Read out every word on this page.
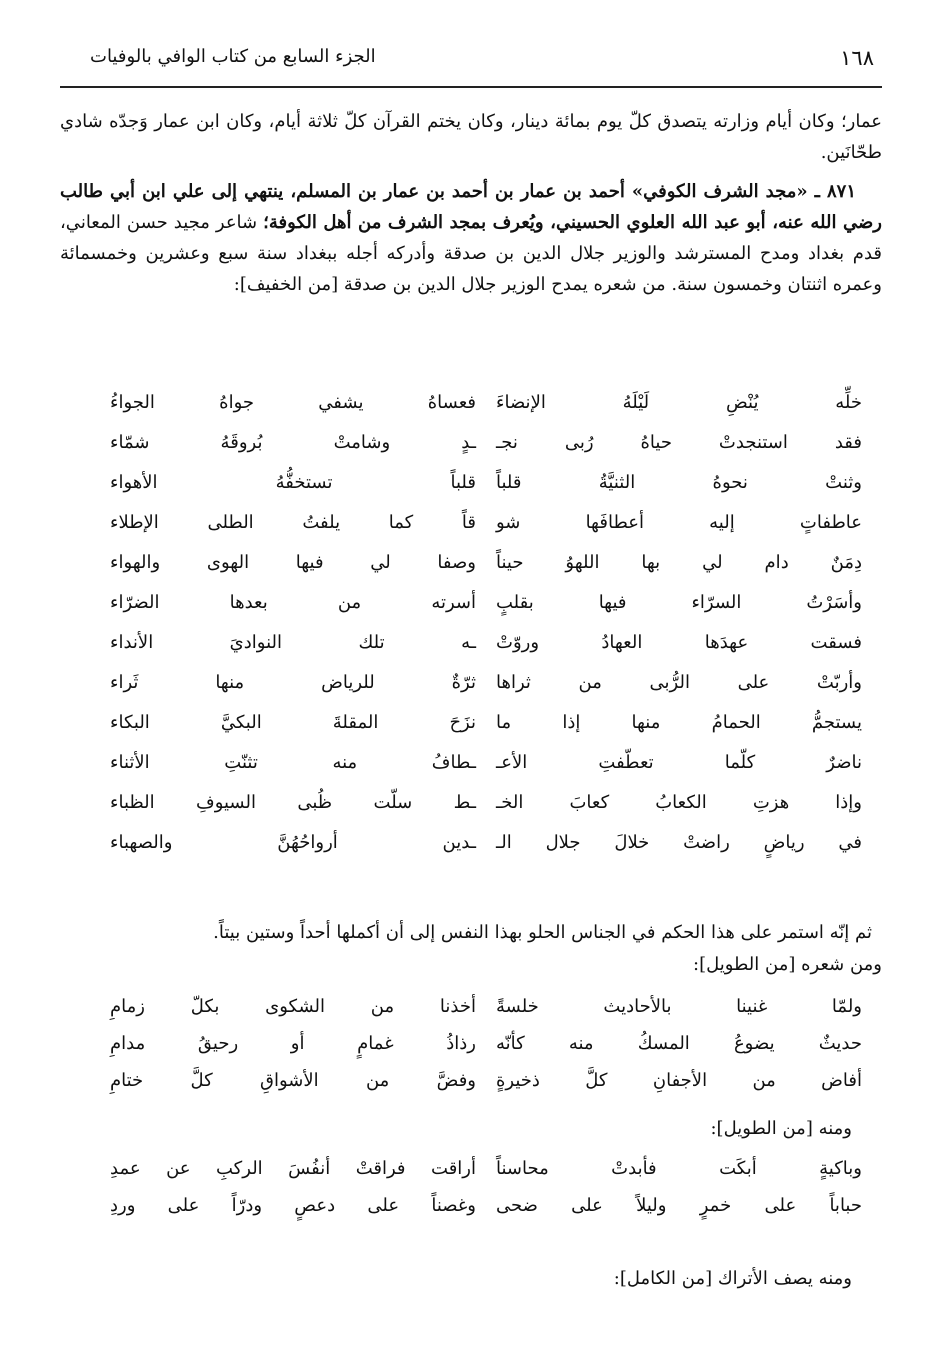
١٦٨
الجزء السابع من كتاب الوافي بالوفيات

عمار؛ وكان أيام وزارته يتصدق كلّ يوم بمائة دينار، وكان يختم القرآن كلّ ثلاثة أيام، وكان ابن عمار وَجدّه شادي طحّانَين.

٨٧١ ـ «مجد الشرف الكوفي» أحمد بن عمار بن أحمد بن عمار بن المسلم، ينتهي إلى علي ابن أبي طالب رضي الله عنه، أبو عبد الله العلوي الحسيني، ويُعرف بمجد الشرف من أهل الكوفة؛ شاعر مجيد حسن المعاني، قدم بغداد ومدح المسترشد والوزير جلال الدين بن صدقة وأدركه أجله ببغداد سنة سبع وعشرين وخمسمائة وعمره اثنتان وخمسون سنة. من شعره يمدح الوزير جلال الدين بن صدقة [من الخفيف]:

خلِّه يُنْضِ لَيْلَهُ الإنضاءَ
فعساهُ يشفي جواهُ الجواءُ
فقد استنجدتْ حياهُ رُبى نجـ
ـدٍ وشامتْ بُروقَهُ شمّاء
وثنتْ نحوهُ الثنيَّةُ قلباً
قلباً تستخفُّهُ الأهواء
عاطفاتٍ إليه أعطافَها شو
قاً كما يلفتُ الطلى الإطلاء
دِمَنٌ دام لي بها اللهوُ حيناً
وصفا لي فيها الهوى والهواء
وأسَرْتُ السرّاء فيها بقلبٍ
أسرته من بعدها الضرّاء
فسقت عهدَها العهادُ وروّتْ
ـه تلك النواديَ الأنداء
وأربّتْ على الرُّبى من ثراها
ثرّةٌ للرياض منها ثَراء
يستجمُّ الحمامُ منها إذا ما
نزَحَ المقلةَ البكيَّ البكاء
ناضرٌ كلّما تعطّفتِ الأعـ
ـطافُ منه تثنّتِ الأثناء
وإذا هزتِ الكعابُ كعابَ الخـ
ـط سلّت ظُبى السيوفِ الظباء
في رياضٍ راضتْ خلالَ جلال الـ
ـدين أرواحُهُنَّ والصهباء
ثم إنّه استمر على هذا الحكم في الجناس الحلو بهذا النفس إلى أن أكملها أحداً وستين بيتاً.
ومن شعره [من الطويل]:
ولمّا غنينا بالأحاديث خلسةً
أخذنا من الشكوى بكلّ زمامِ
حديثٌ يضوعُ المسكُ منه كأنّه
رذاذُ غمامٍ أو رحيقُ مدامِ
أفاض من الأجفانِ كلَّ ذخيرةٍ
وفضَّ من الأشواقِ كلَّ ختامِ
ومنه [من الطويل]:
وباكيةٍ أبكَت فأبدتْ محاسناً
أراقت فراقتْ أنفُسَ الركبِ عن عمدِ
حباباً على خمرٍ وليلاً على ضحى
وغصناً على دعصٍ ودرّاً على وردِ
ومنه يصف الأتراك [من الكامل]:
